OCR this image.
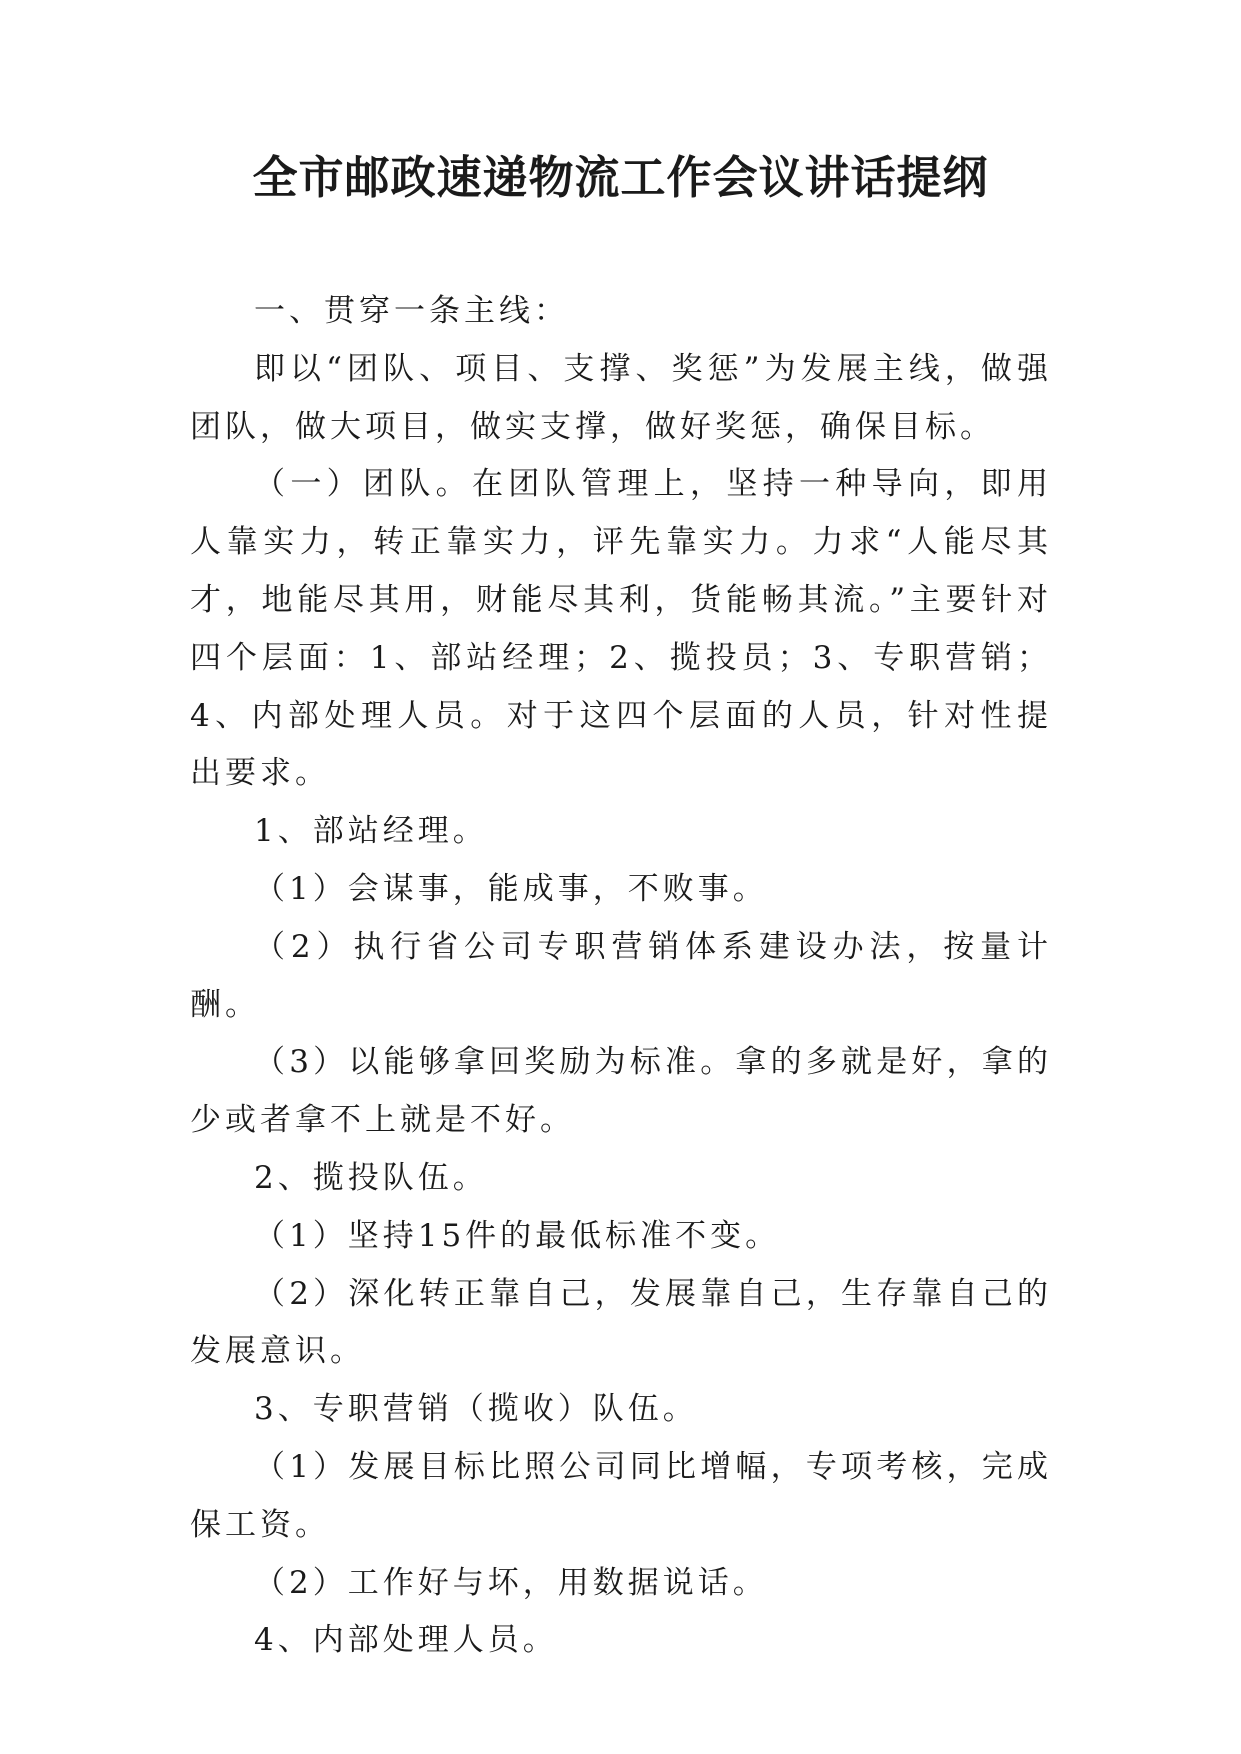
全市邮政速递物流工作会议讲话提纲

一、贯穿一条主线：

即以“团队、项目、支撑、奖惩”为发展主线，做强团队，做大项目，做实支撑，做好奖惩，确保目标。

（一）团队。在团队管理上，坚持一种导向，即用人靠实力，转正靠实力，评先靠实力。力求“人能尽其才，地能尽其用，财能尽其利，货能畅其流。”主要针对四个层面：1、部站经理；2、揽投员；3、专职营销；4、内部处理人员。对于这四个层面的人员，针对性提出要求。

1、部站经理。

（1）会谋事，能成事，不败事。

（2）执行省公司专职营销体系建设办法，按量计酬。

（3）以能够拿回奖励为标准。拿的多就是好，拿的少或者拿不上就是不好。

2、揽投队伍。

（1）坚持15件的最低标准不变。

（2）深化转正靠自己，发展靠自己，生存靠自己的发展意识。

3、专职营销（揽收）队伍。

（1）发展目标比照公司同比增幅，专项考核，完成保工资。

（2）工作好与坏，用数据说话。

4、内部处理人员。
